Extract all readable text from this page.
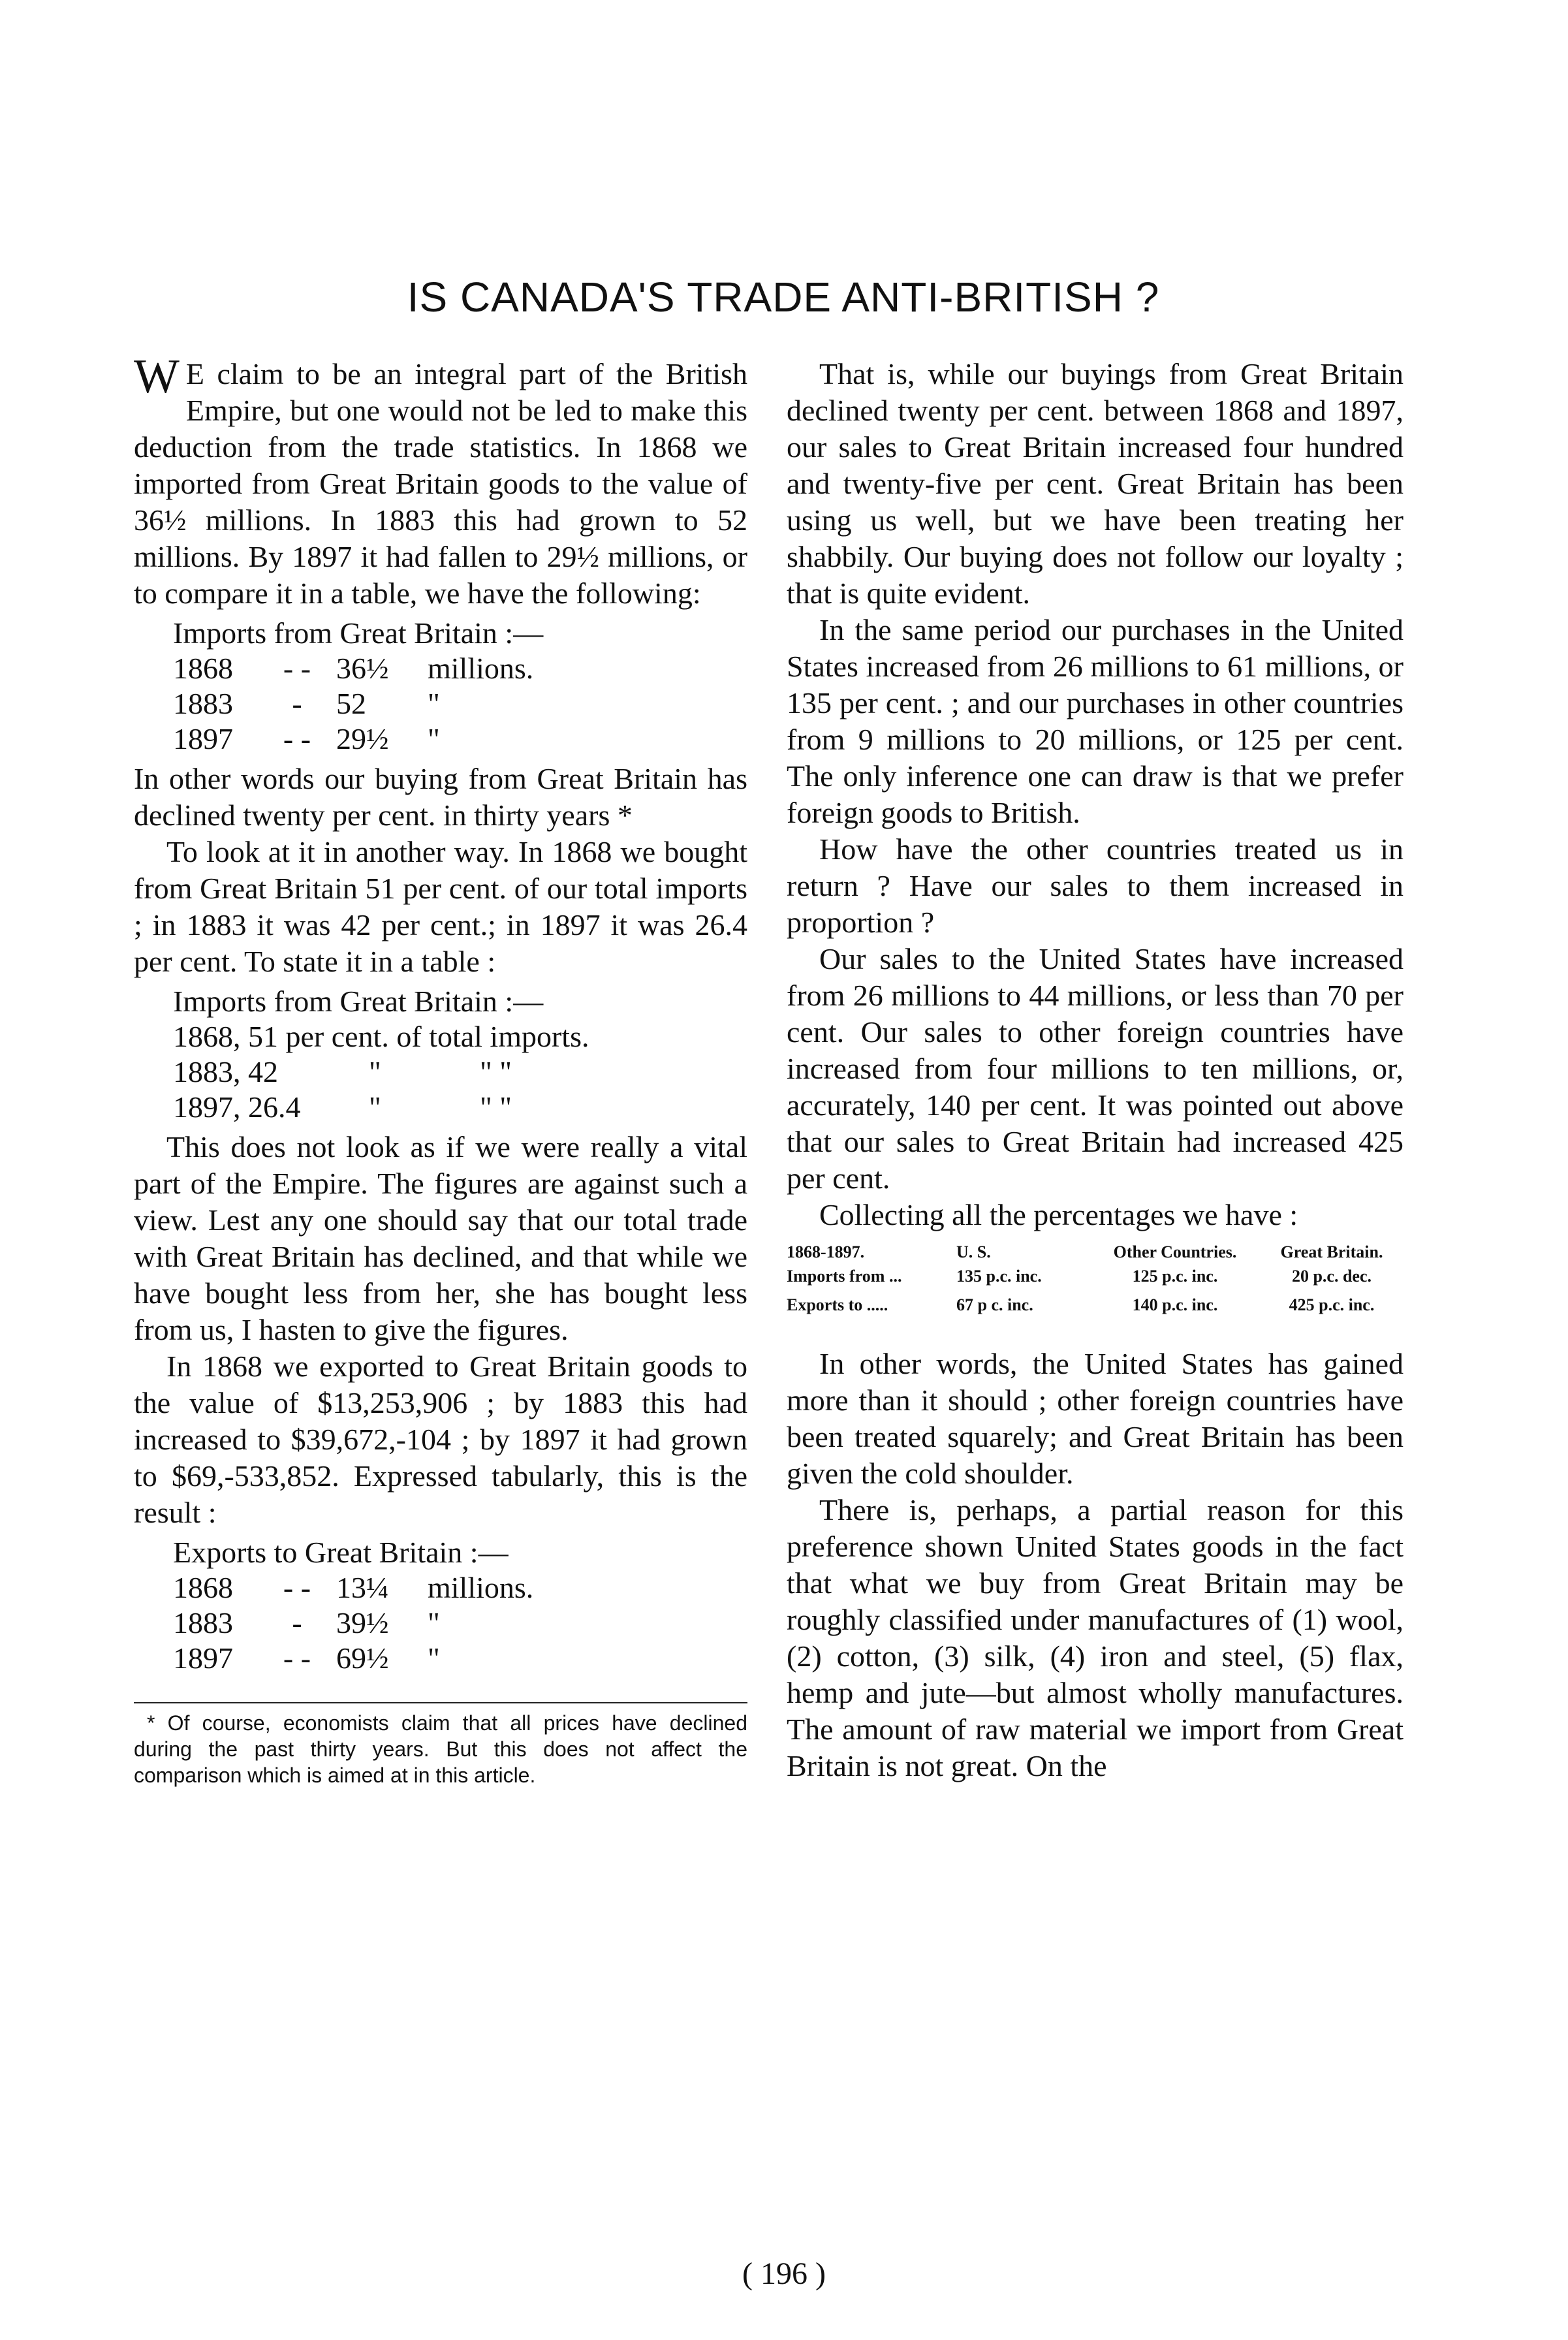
IS CANADA'S TRADE ANTI-BRITISH ?

W E claim to be an integral part of the British Empire, but one would not be led to make this deduction from the trade statistics. In 1868 we imported from Great Britain goods to the value of 36½ millions. In 1883 this had grown to 52 millions. By 1897 it had fallen to 29½ millions, or to compare it in a table, we have the following:

Imports from Great Britain :—
1868	- - 36½	millions.
1883	-	52	"
1897	- - 29½	"

In other words our buying from Great Britain has declined twenty per cent. in thirty years *

To look at it in another way. In 1868 we bought from Great Britain 51 per cent. of our total imports ; in 1883 it was 42 per cent.; in 1897 it was 26.4 per cent. To state it in a table :

Imports from Great Britain :—
1868, 51 per cent. of total imports.
1883, 42	"	" "
1897, 26.4	"	" "

This does not look as if we were really a vital part of the Empire. The figures are against such a view. Lest any one should say that our total trade with Great Britain has declined, and that while we have bought less from her, she has bought less from us, I hasten to give the figures.

In 1868 we exported to Great Britain goods to the value of $13,253,906 ; by 1883 this had increased to $39,672,-104 ; by 1897 it had grown to $69,-533,852. Expressed tabularly, this is the result :

Exports to Great Britain :—
1868	- - 13¼	millions.
1883	-	39½	"
1897	- - 69½	"

* Of course, economists claim that all prices have declined during the past thirty years. But this does not affect the comparison which is aimed at in this article.

That is, while our buyings from Great Britain declined twenty per cent. between 1868 and 1897, our sales to Great Britain increased four hundred and twenty-five per cent. Great Britain has been using us well, but we have been treating her shabbily. Our buying does not follow our loyalty ; that is quite evident.

In the same period our purchases in the United States increased from 26 millions to 61 millions, or 135 per cent. ; and our purchases in other countries from 9 millions to 20 millions, or 125 per cent. The only inference one can draw is that we prefer foreign goods to British.

How have the other countries treated us in return ? Have our sales to them increased in proportion ?

Our sales to the United States have increased from 26 millions to 44 millions, or less than 70 per cent. Our sales to other foreign countries have increased from four millions to ten millions, or, accurately, 140 per cent. It was pointed out above that our sales to Great Britain had increased 425 per cent.

Collecting all the percentages we have :

1868-1897.	U. S.	Other Countries.	Great Britain.
Imports from ...	135 p.c. inc.	125 p.c. inc.	20 p.c. dec.
Exports to .....	67 p c. inc.	140 p.c. inc.	425 p.c. inc.

In other words, the United States has gained more than it should ; other foreign countries have been treated squarely; and Great Britain has been given the cold shoulder.

There is, perhaps, a partial reason for this preference shown United States goods in the fact that what we buy from Great Britain may be roughly classified under manufactures of (1) wool, (2) cotton, (3) silk, (4) iron and steel, (5) flax, hemp and jute—but almost wholly manufactures. The amount of raw material we import from Great Britain is not great. On the

( 196 )
